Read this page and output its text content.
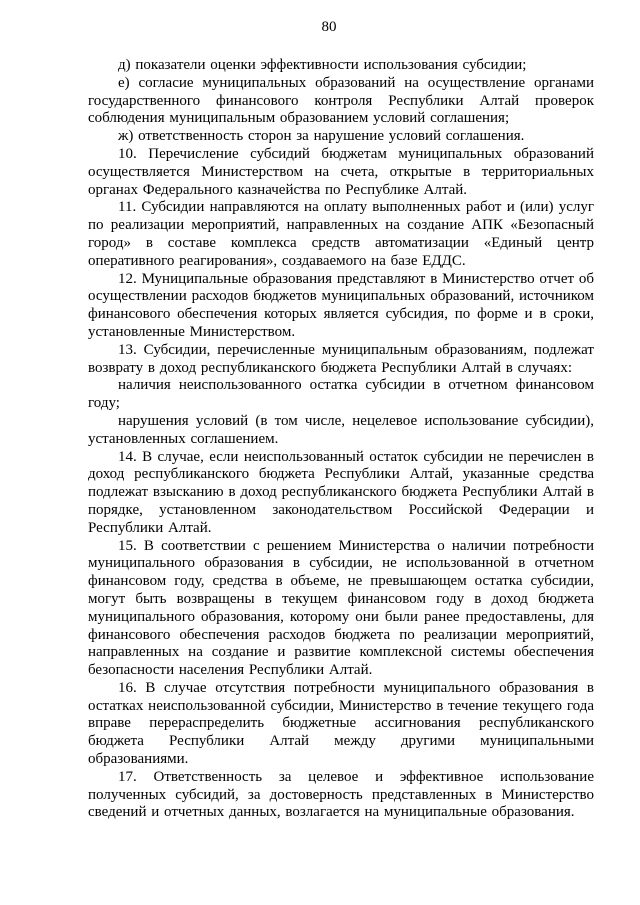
80

д) показатели оценки эффективности использования субсидии;

е) согласие муниципальных образований на осуществление органами государственного финансового контроля Республики Алтай проверок соблюдения муниципальным образованием условий соглашения;

ж) ответственность сторон за нарушение условий соглашения.

10. Перечисление субсидий бюджетам муниципальных образований осуществляется Министерством на счета, открытые в территориальных органах Федерального казначейства по Республике Алтай.

11. Субсидии направляются на оплату выполненных работ и (или) услуг по реализации мероприятий, направленных на создание АПК «Безопасный город» в составе комплекса средств автоматизации «Единый центр оперативного реагирования», создаваемого на базе ЕДДС.

12. Муниципальные образования представляют в Министерство отчет об осуществлении расходов бюджетов муниципальных образований, источником финансового обеспечения которых является субсидия, по форме и в сроки, установленные Министерством.

13. Субсидии, перечисленные муниципальным образованиям, подлежат возврату в доход республиканского бюджета Республики Алтай в случаях:

наличия неиспользованного остатка субсидии в отчетном финансовом году;

нарушения условий (в том числе, нецелевое использование субсидии), установленных соглашением.

14. В случае, если неиспользованный остаток субсидии не перечислен в доход республиканского бюджета Республики Алтай, указанные средства подлежат взысканию в доход республиканского бюджета Республики Алтай в порядке, установленном законодательством Российской Федерации и Республики Алтай.

15. В соответствии с решением Министерства о наличии потребности муниципального образования в субсидии, не использованной в отчетном финансовом году, средства в объеме, не превышающем остатка субсидии, могут быть возвращены в текущем финансовом году в доход бюджета муниципального образования, которому они были ранее предоставлены, для финансового обеспечения расходов бюджета по реализации мероприятий, направленных на создание и развитие комплексной системы обеспечения безопасности населения Республики Алтай.

16. В случае отсутствия потребности муниципального образования в остатках неиспользованной субсидии, Министерство в течение текущего года вправе перераспределить бюджетные ассигнования республиканского бюджета Республики Алтай между другими муниципальными образованиями.

17. Ответственность за целевое и эффективное использование полученных субсидий, за достоверность представленных в Министерство сведений и отчетных данных, возлагается на муниципальные образования.
